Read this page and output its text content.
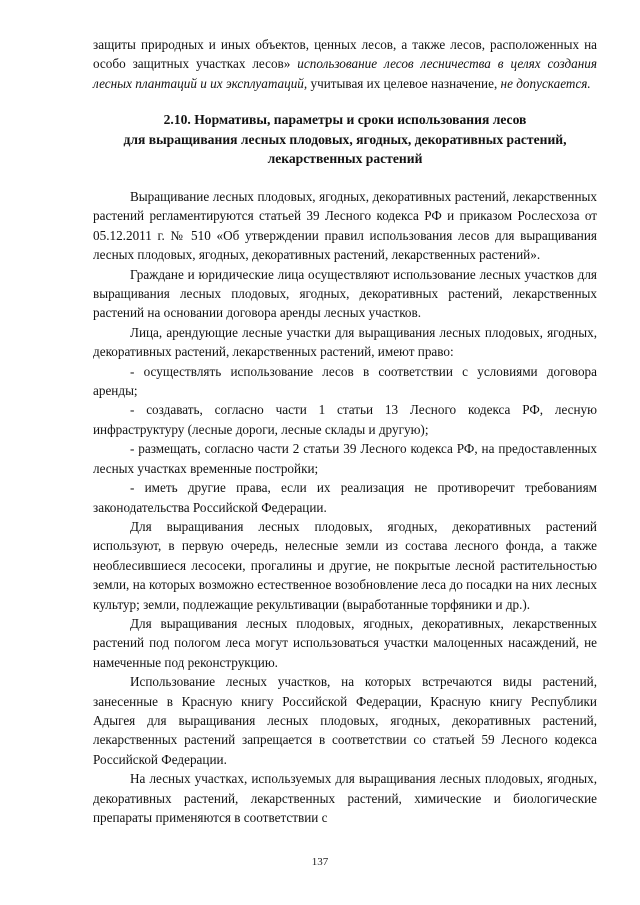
защиты природных и иных объектов, ценных лесов, а также лесов, расположенных на особо защитных участках лесов» использование лесов лесничества в целях создания лесных плантаций и их эксплуатаций, учитывая их целевое назначение, не допускается.

2.10. Нормативы, параметры и сроки использования лесов
для выращивания лесных плодовых, ягодных, декоративных растений,
лекарственных растений

Выращивание лесных плодовых, ягодных, декоративных растений, лекарственных растений регламентируются статьей 39 Лесного кодекса РФ и приказом Рослесхоза от 05.12.2011 г. № 510 «Об утверждении правил использования лесов для выращивания лесных плодовых, ягодных, декоративных растений, лекарственных растений».

Граждане и юридические лица осуществляют использование лесных участков для выращивания лесных плодовых, ягодных, декоративных растений, лекарственных растений на основании договора аренды лесных участков.

Лица, арендующие лесные участки для выращивания лесных плодовых, ягодных, декоративных растений, лекарственных растений, имеют право:

- осуществлять использование лесов в соответствии с условиями договора аренды;

- создавать, согласно части 1 статьи 13 Лесного кодекса РФ, лесную инфраструктуру (лесные дороги, лесные склады и другую);

- размещать, согласно части 2 статьи 39 Лесного кодекса РФ, на предоставленных лесных участках временные постройки;

- иметь другие права, если их реализация не противоречит требованиям законодательства Российской Федерации.

Для выращивания лесных плодовых, ягодных, декоративных растений используют, в первую очередь, нелесные земли из состава лесного фонда, а также необлесившиеся лесосеки, прогалины и другие, не покрытые лесной растительностью земли, на которых возможно естественное возобновление леса до посадки на них лесных культур; земли, подлежащие рекультивации (выработанные торфяники и др.).

Для выращивания лесных плодовых, ягодных, декоративных, лекарственных растений под пологом леса могут использоваться участки малоценных насаждений, не намеченные под реконструкцию.

Использование лесных участков, на которых встречаются виды растений, занесенные в Красную книгу Российской Федерации, Красную книгу Республики Адыгея для выращивания лесных плодовых, ягодных, декоративных растений, лекарственных растений запрещается в соответствии со статьей 59 Лесного кодекса Российской Федерации.

На лесных участках, используемых для выращивания лесных плодовых, ягодных, декоративных растений, лекарственных растений, химические и биологические препараты применяются в соответствии с

137
